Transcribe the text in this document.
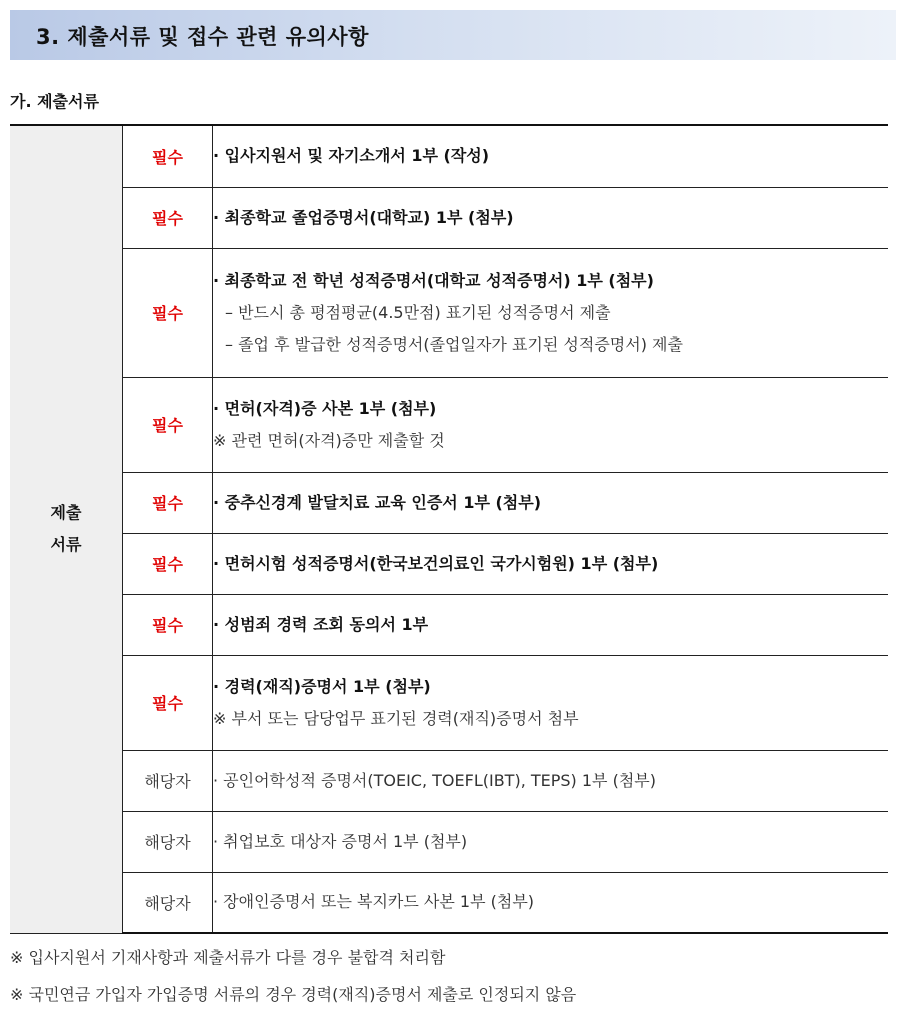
3. 제출서류 및 접수 관련 유의사항
가. 제출서류
제출
서류	필수	· 입사지원서 및 자기소개서 1부 (작성)

	필수	· 최종학교 졸업증명서(대학교) 1부 (첨부)

	필수	· 최종학교 전 학년 성적증명서(대학교 성적증명서) 1부 (첨부)
– 반드시 총 평점평균(4.5만점) 표기된 성적증명서 제출
– 졸업 후 발급한 성적증명서(졸업일자가 표기된 성적증명서) 제출

	필수	· 면허(자격)증 사본 1부 (첨부)
※ 관련 면허(자격)증만 제출할 것

	필수	· 중추신경계 발달치료 교육 인증서 1부 (첨부)

	필수	· 면허시험 성적증명서(한국보건의료인 국가시험원) 1부 (첨부)

	필수	· 성범죄 경력 조회 동의서 1부

	필수	· 경력(재직)증명서 1부 (첨부)
※ 부서 또는 담당업무 표기된 경력(재직)증명서 첨부

	해당자	· 공인어학성적 증명서(TOEIC, TOEFL(IBT), TEPS) 1부 (첨부)

	해당자	· 취업보호 대상자 증명서 1부 (첨부)

	해당자	· 장애인증명서 또는 복지카드 사본 1부 (첨부)
※ 입사지원서 기재사항과 제출서류가 다를 경우 불합격 처리함
※ 국민연금 가입자 가입증명 서류의 경우 경력(재직)증명서 제출로 인정되지 않음
